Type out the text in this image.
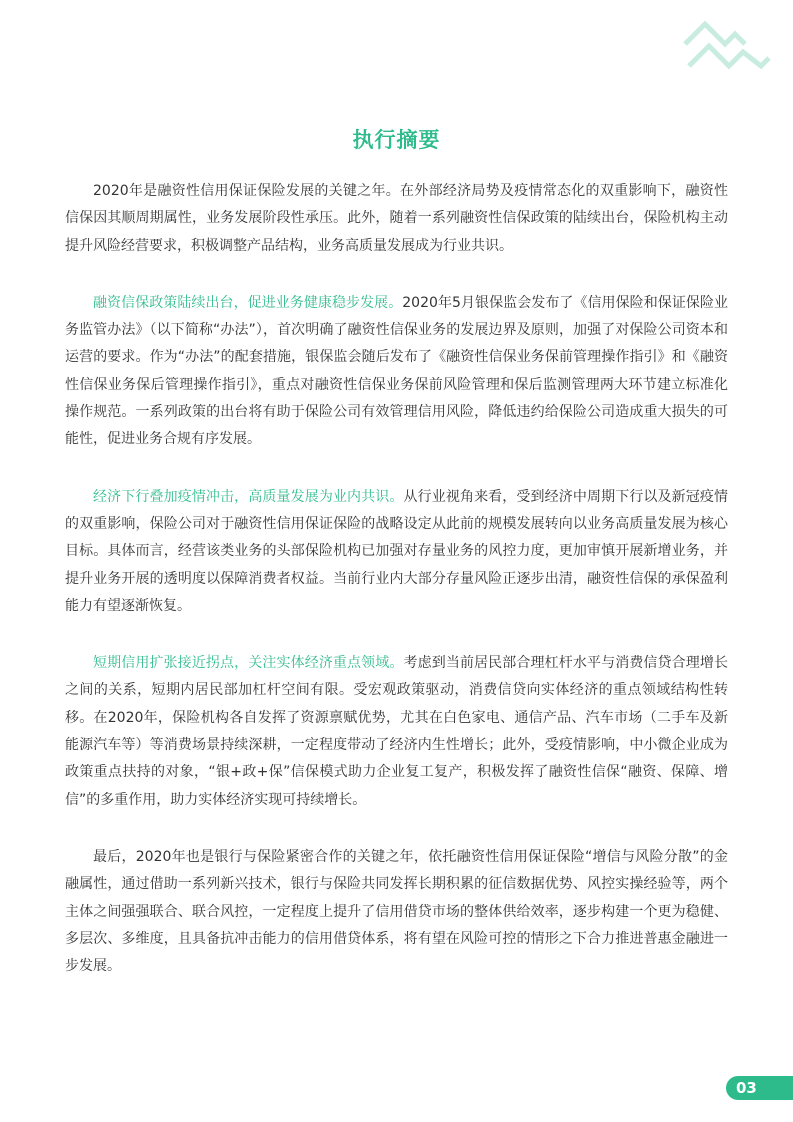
执行摘要

2020年是融资性信用保证保险发展的关键之年。在外部经济局势及疫情常态化的双重影响下，融资性信保因其顺周期属性，业务发展阶段性承压。此外，随着一系列融资性信保政策的陆续出台，保险机构主动提升风险经营要求，积极调整产品结构，业务高质量发展成为行业共识。

融资信保政策陆续出台，促进业务健康稳步发展。2020年5月银保监会发布了《信用保险和保证保险业务监管办法》（以下简称“办法”），首次明确了融资性信保业务的发展边界及原则，加强了对保险公司资本和运营的要求。作为“办法”的配套措施，银保监会随后发布了《融资性信保业务保前管理操作指引》和《融资性信保业务保后管理操作指引》，重点对融资性信保业务保前风险管理和保后监测管理两大环节建立标准化操作规范。一系列政策的出台将有助于保险公司有效管理信用风险，降低违约给保险公司造成重大损失的可能性，促进业务合规有序发展。

经济下行叠加疫情冲击，高质量发展为业内共识。从行业视角来看，受到经济中周期下行以及新冠疫情的双重影响，保险公司对于融资性信用保证保险的战略设定从此前的规模发展转向以业务高质量发展为核心目标。具体而言，经营该类业务的头部保险机构已加强对存量业务的风控力度，更加审慎开展新增业务，并提升业务开展的透明度以保障消费者权益。当前行业内大部分存量风险正逐步出清，融资性信保的承保盈利能力有望逐渐恢复。

短期信用扩张接近拐点，关注实体经济重点领域。考虑到当前居民部合理杠杆水平与消费信贷合理增长之间的关系，短期内居民部加杠杆空间有限。受宏观政策驱动，消费信贷向实体经济的重点领域结构性转移。在2020年，保险机构各自发挥了资源禀赋优势，尤其在白色家电、通信产品、汽车市场（二手车及新能源汽车等）等消费场景持续深耕，一定程度带动了经济内生性增长；此外，受疫情影响，中小微企业成为政策重点扶持的对象，“银+政+保”信保模式助力企业复工复产，积极发挥了融资性信保“融资、保障、增信”的多重作用，助力实体经济实现可持续增长。

最后，2020年也是银行与保险紧密合作的关键之年，依托融资性信用保证保险“增信与风险分散”的金融属性，通过借助一系列新兴技术，银行与保险共同发挥长期积累的征信数据优势、风控实操经验等，两个主体之间强强联合、联合风控，一定程度上提升了信用借贷市场的整体供给效率，逐步构建一个更为稳健、多层次、多维度，且具备抗冲击能力的信用借贷体系，将有望在风险可控的情形之下合力推进普惠金融进一步发展。

03
